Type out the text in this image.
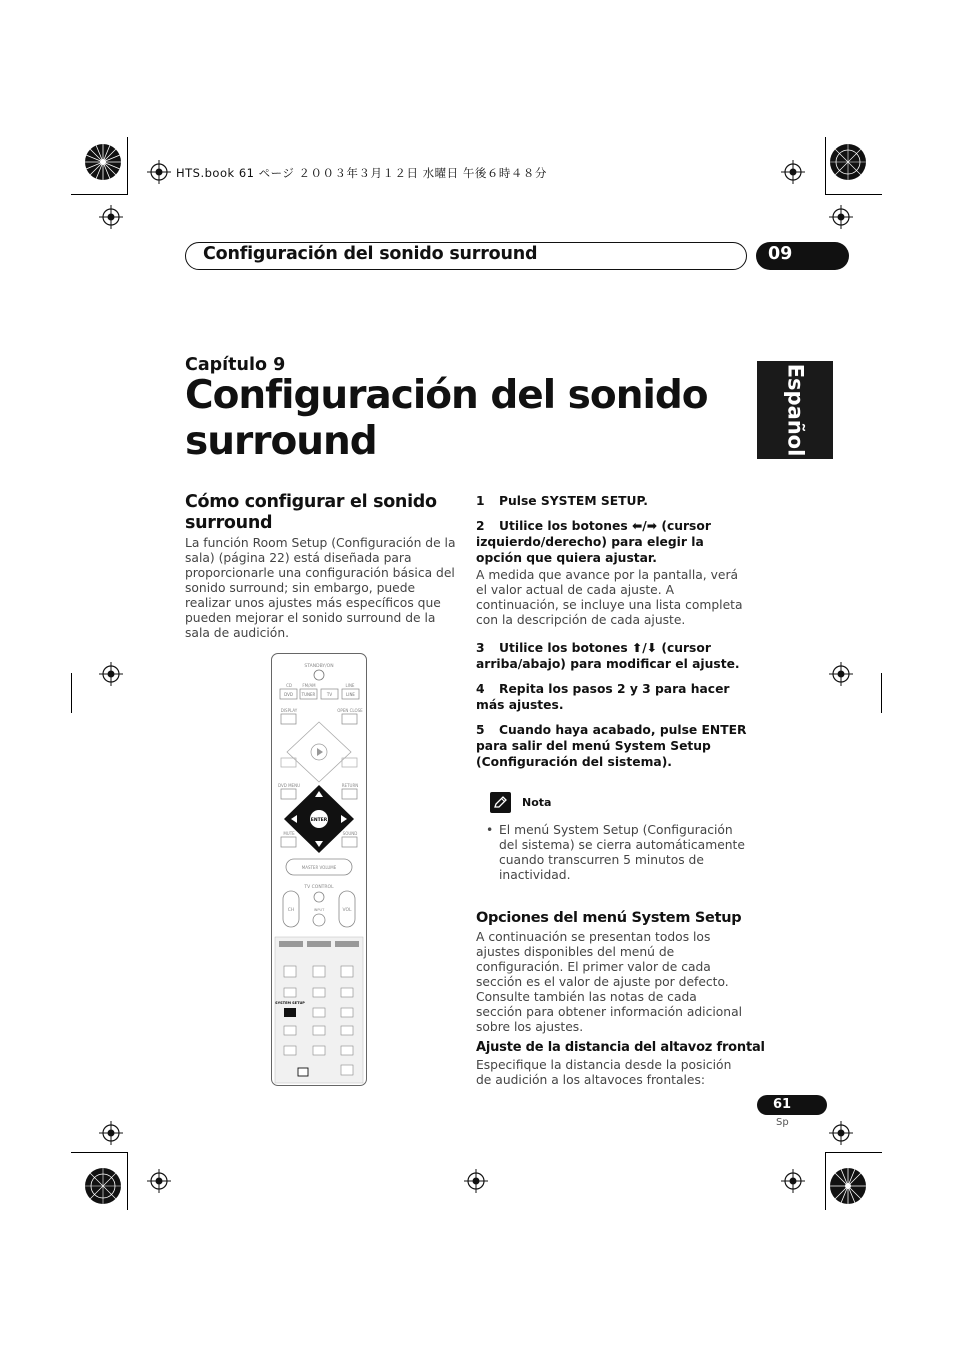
HTS.book 61 ページ ２００３年３月１２日 水曜日 午後６時４８分
Configuración del sonido surround	09
Español
Capítulo 9
Configuración del sonido surround
Cómo configurar el sonido surround
La función Room Setup (Configuración de la sala) (página 22) está diseñada para proporcionarle una configuración básica del sonido surround; sin embargo, puede realizar unos ajustes más específicos que pueden mejorar el sonido surround de la sala de audición.
STANDBY/ON
CD	FM/AM	LINE
DVD TUNER	TV	LINE
DISPLAY	OPEN CLOSE
DVD MENU	RETURN
ENTER
MUTE	SOUND
MASTER VOLUME
TV CONTROL
CH	INPUT	VOL
SYSTEM SETUP
1 Pulse SYSTEM SETUP.
2 Utilice los botones ⬅/➡ (cursor izquierdo/derecho) para elegir la opción que quiera ajustar.
A medida que avance por la pantalla, verá el valor actual de cada ajuste. A continuación, se incluye una lista completa con la descripción de cada ajuste.
3 Utilice los botones ⬆/⬇ (cursor arriba/abajo) para modificar el ajuste.
4 Repita los pasos 2 y 3 para hacer más ajustes.
5 Cuando haya acabado, pulse ENTER para salir del menú System Setup (Configuración del sistema).
Nota
• El menú System Setup (Configuración del sistema) se cierra automáticamente cuando transcurren 5 minutos de inactividad.
Opciones del menú System Setup
A continuación se presentan todos los ajustes disponibles del menú de configuración. El primer valor de cada sección es el valor de ajuste por defecto. Consulte también las notas de cada sección para obtener información adicional sobre los ajustes.
Ajuste de la distancia del altavoz frontal
Especifique la distancia desde la posición de audición a los altavoces frontales:
61
Sp
